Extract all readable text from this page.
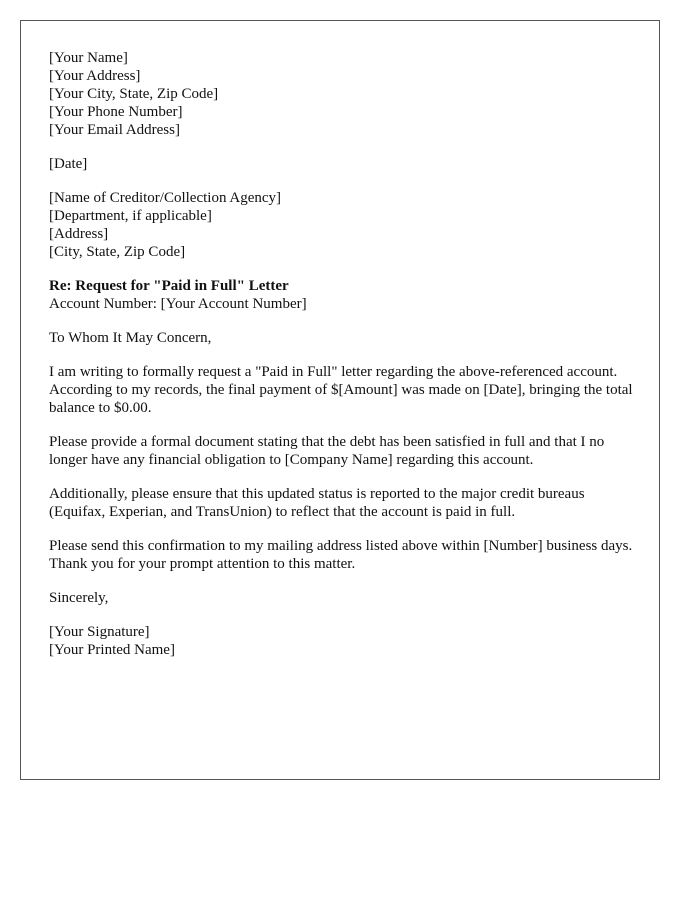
[Your Name]
[Your Address]
[Your City, State, Zip Code]
[Your Phone Number]
[Your Email Address]
[Date]
[Name of Creditor/Collection Agency]
[Department, if applicable]
[Address]
[City, State, Zip Code]
Re: Request for "Paid in Full" Letter
Account Number: [Your Account Number]
To Whom It May Concern,
I am writing to formally request a "Paid in Full" letter regarding the above-referenced account. According to my records, the final payment of $[Amount] was made on [Date], bringing the total balance to $0.00.
Please provide a formal document stating that the debt has been satisfied in full and that I no longer have any financial obligation to [Company Name] regarding this account.
Additionally, please ensure that this updated status is reported to the major credit bureaus (Equifax, Experian, and TransUnion) to reflect that the account is paid in full.
Please send this confirmation to my mailing address listed above within [Number] business days. Thank you for your prompt attention to this matter.
Sincerely,
[Your Signature]
[Your Printed Name]
